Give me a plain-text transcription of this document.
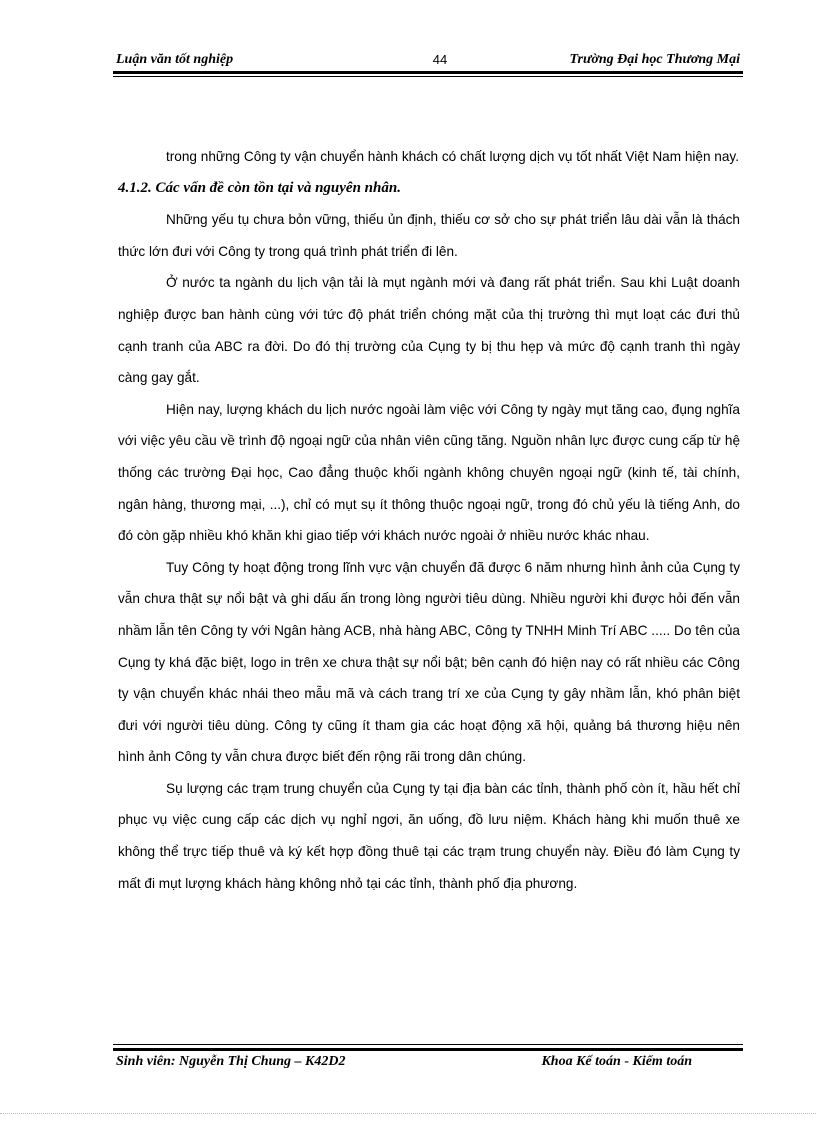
Luận văn tốt nghiệp	44	Trường Đại học Thương Mại

trong những Công ty vận chuyển hành khách có chất lượng dịch vụ tốt nhất Việt Nam hiện nay.

4.1.2. Các vấn đề còn tồn tại và nguyên nhân.

Những yếu tụ chưa bỏn vững, thiếu ủn định, thiếu cơ sở cho sự phát triển lâu dài vẫn là thách thức lớn đưi với Công ty trong quá trình phát triển đi lên.

Ở nước ta ngành du lịch vận tải là mụt ngành mới và đang rất phát triển. Sau khi Luật doanh nghiệp được ban hành cùng với tức độ phát triển chóng mặt của thị trường thì mụt loạt các đưi thủ cạnh tranh của ABC ra đời. Do đó thị trường của Cụng ty bị thu hẹp và mức độ cạnh tranh thì ngày càng gay gắt.

Hiện nay, lượng khách du lịch nước ngoài làm việc với Công ty ngày mụt tăng cao, đụng nghĩa với việc yêu cầu về trình độ ngoại ngữ của nhân viên cũng tăng. Nguồn nhân lực được cung cấp từ hệ thống các trường Đại học, Cao đẳng thuộc khối ngành không chuyên ngoại ngữ (kinh tế, tài chính, ngân hàng, thương mại, ...), chỉ có mụt sụ ít thông thuộc ngoại ngữ, trong đó chủ yếu là tiếng Anh, do đó còn gặp nhiều khó khăn khi giao tiếp với khách nước ngoài ở nhiều nước khác nhau.

Tuy Công ty hoạt động trong lĩnh vực vận chuyển đã được 6 năm nhưng hình ảnh của Cụng ty vẫn chưa thật sự nổi bật và ghi dấu ấn trong lòng người tiêu dùng. Nhiều người khi được hỏi đến vẫn nhầm lẫn tên Công ty với Ngân hàng ACB, nhà hàng ABC, Công ty TNHH Minh Trí ABC ..... Do tên của Cụng ty khá đặc biệt, logo in trên xe chưa thật sự nổi bật; bên cạnh đó hiện nay có rất nhiều các Công ty vận chuyển khác nhái theo mẫu mã và cách trang trí xe của Cụng ty gây nhầm lẫn, khó phân biệt đưi với người tiêu dùng. Công ty cũng ít tham gia các hoạt động xã hội, quảng bá thương hiệu nên hình ảnh Công ty vẫn chưa được biết đến rộng rãi trong dân chúng.

Sụ lượng các trạm trung chuyển của Cụng ty tại địa bàn các tỉnh, thành phố còn ít, hầu hết chỉ phục vụ việc cung cấp các dịch vụ nghỉ ngơi, ăn uống, đồ lưu niệm. Khách hàng khi muốn thuê xe không thể trực tiếp thuê và ký kết hợp đồng thuê tại các trạm trung chuyển này. Điều đó làm Cụng ty mất đi mụt lượng khách hàng không nhỏ tại các tỉnh, thành phố địa phương.

Sinh viên: Nguyễn Thị Chung – K42D2	Khoa Kế toán - Kiểm toán
